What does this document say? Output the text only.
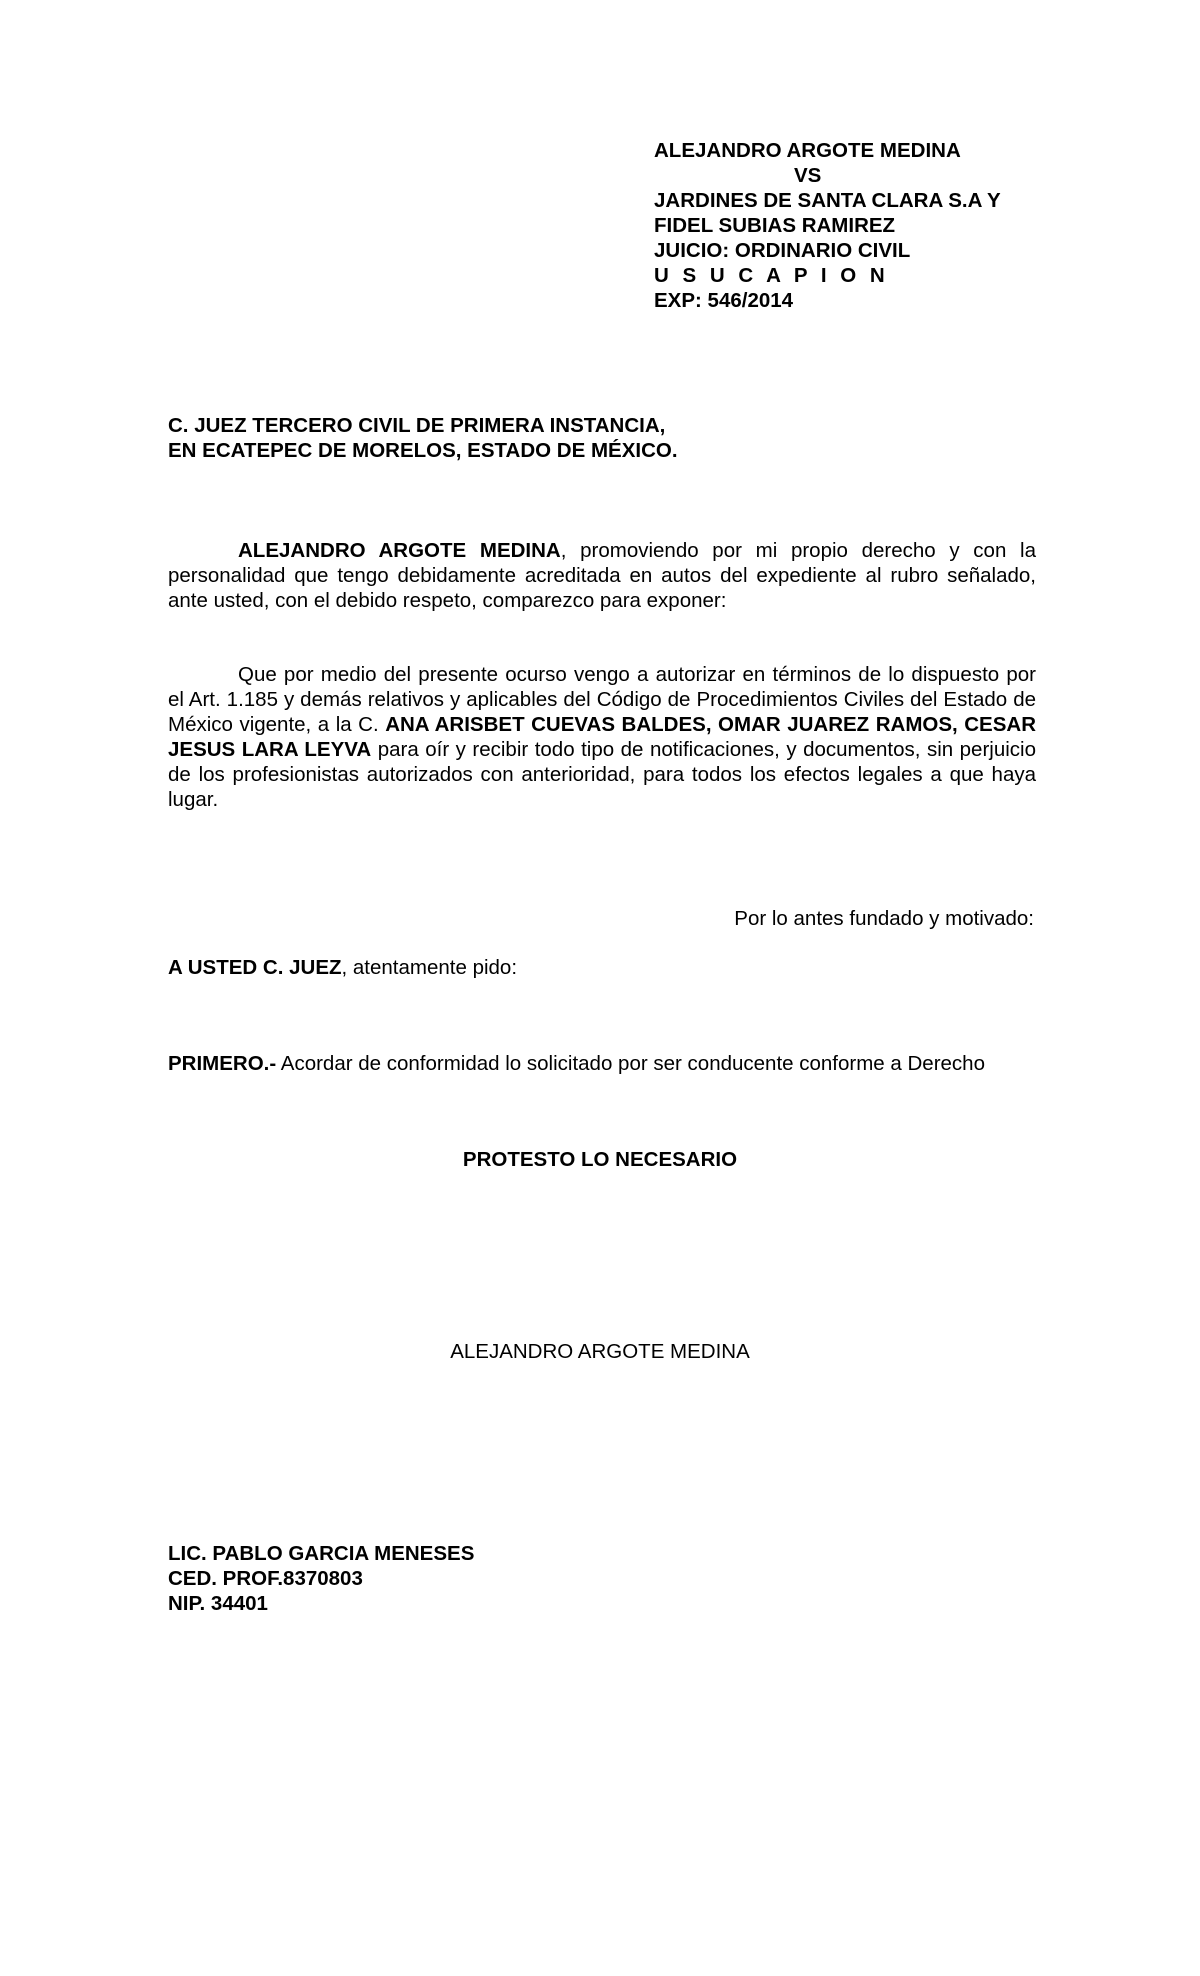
ALEJANDRO ARGOTE MEDINA
VS
JARDINES DE SANTA CLARA S.A Y
FIDEL SUBIAS RAMIREZ
JUICIO: ORDINARIO CIVIL
U S U C A P I O N
EXP: 546/2014
C. JUEZ TERCERO CIVIL DE PRIMERA INSTANCIA,
EN ECATEPEC DE MORELOS, ESTADO DE MÉXICO.

ALEJANDRO ARGOTE MEDINA, promoviendo por mi propio derecho y con la personalidad que tengo debidamente acreditada en autos del expediente al rubro señalado, ante usted, con el debido respeto, comparezco para exponer:

Que por medio del presente ocurso vengo a autorizar en términos de lo dispuesto por el Art. 1.185 y demás relativos y aplicables del Código de Procedimientos Civiles del Estado de México vigente, a la C. ANA ARISBET CUEVAS BALDES, OMAR JUAREZ RAMOS, CESAR JESUS LARA LEYVA para oír y recibir todo tipo de notificaciones, y documentos, sin perjuicio de los profesionistas autorizados con anterioridad, para todos los efectos legales a que haya lugar.

Por lo antes fundado y motivado:
A USTED C. JUEZ, atentamente pido:
PRIMERO.- Acordar de conformidad lo solicitado por ser conducente conforme a Derecho
PROTESTO LO NECESARIO
ALEJANDRO ARGOTE MEDINA
LIC. PABLO GARCIA MENESES
CED. PROF.8370803
NIP. 34401
